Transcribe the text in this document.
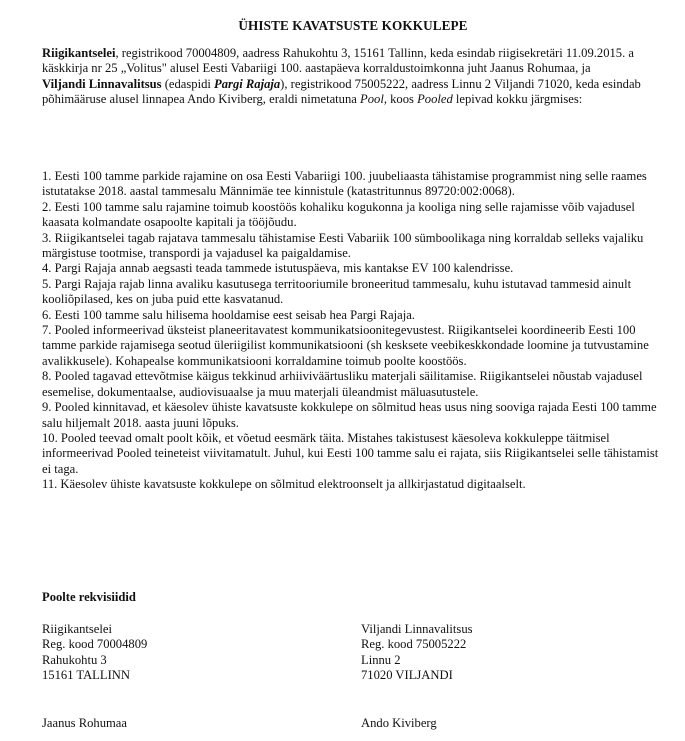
ÜHISTE KAVATSUSTE KOKKULEPE

Riigikantselei, registrikood 70004809, aadress Rahukohtu 3, 15161 Tallinn, keda esindab riigisekretäri 11.09.2015. a käskkirja nr 25 „Volitus" alusel Eesti Vabariigi 100. aastapäeva korraldustoimkonna juht Jaanus Rohumaa, ja

Viljandi Linnavalitsus (edaspidi Pargi Rajaja), registrikood 75005222, aadress Linnu 2 Viljandi 71020, keda esindab põhimääruse alusel linnapea Ando Kiviberg, eraldi nimetatuna Pool, koos Pooled lepivad kokku järgmises:

1. Eesti 100 tamme parkide rajamine on osa Eesti Vabariigi 100. juubeliaasta tähistamise programmist ning selle raames istutatakse 2018. aastal tammesalu Männimäe tee kinnistule (katastritunnus 89720:002:0068).

2. Eesti 100 tamme salu rajamine toimub koostöös kohaliku kogukonna ja kooliga ning selle rajamisse võib vajadusel kaasata kolmandate osapoolte kapitali ja tööjõudu.

3. Riigikantselei tagab rajatava tammesalu tähistamise Eesti Vabariik 100 sümboolikaga ning korraldab selleks vajaliku märgistuse tootmise, transpordi ja vajadusel ka paigaldamise.

4. Pargi Rajaja annab aegsasti teada tammede istutuspäeva, mis kantakse EV 100 kalendrisse.

5. Pargi Rajaja rajab linna avaliku kasutusega territooriumile broneeritud tammesalu, kuhu istutavad tammesid ainult kooliõpilased, kes on juba puid ette kasvatanud.

6. Eesti 100 tamme salu hilisema hooldamise eest seisab hea Pargi Rajaja.

7. Pooled informeerivad üksteist planeeritavatest kommunikatsioonitegevustest. Riigikantselei koordineerib Eesti 100 tamme parkide rajamisega seotud üleriigilist kommunikatsiooni (sh kesksete veebikeskkondade loomine ja tutvustamine avalikkusele). Kohapealse kommunikatsiooni korraldamine toimub poolte koostöös.

8. Pooled tagavad ettevõtmise käigus tekkinud arhiiviväärtusliku materjali säilitamise. Riigikantselei nõustab vajadusel esemelise, dokumentaalse, audiovisuaalse ja muu materjali üleandmist mäluasutustele.

9. Pooled kinnitavad, et käesolev ühiste kavatsuste kokkulepe on sõlmitud heas usus ning sooviga rajada Eesti 100 tamme salu hiljemalt 2018. aasta juuni lõpuks.

10. Pooled teevad omalt poolt kõik, et võetud eesmärk täita. Mistahes takistusest käesoleva kokkuleppe täitmisel informeerivad Pooled teineteist viivitamatult. Juhul, kui Eesti 100 tamme salu ei rajata, siis Riigikantselei selle tähistamist ei taga.

11. Käesolev ühiste kavatsuste kokkulepe on sõlmitud elektroonselt ja allkirjastatud digitaalselt.

Poolte rekvisiidid
Riigikantselei
Reg. kood 70004809
Rahukohtu 3
15161 TALLINN
Viljandi Linnavalitsus
Reg. kood 75005222
Linnu 2
71020 VILJANDI
Jaanus Rohumaa	Ando Kiviberg
